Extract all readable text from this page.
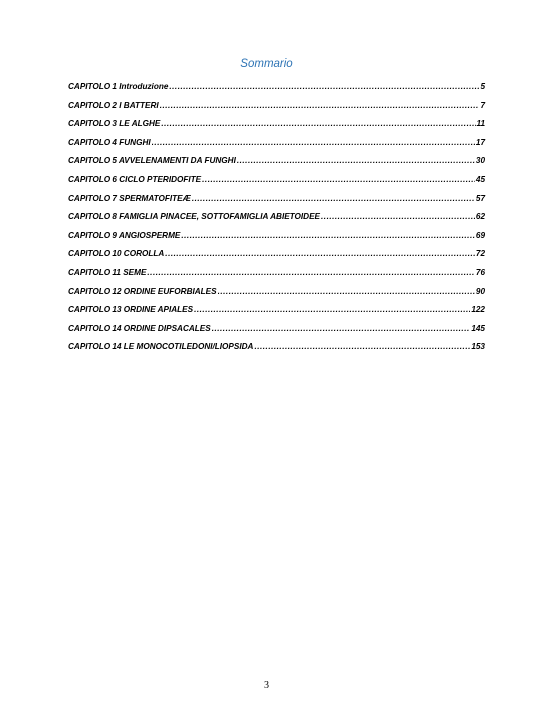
Sommario
CAPITOLO 1 Introduzione .....	5
CAPITOLO 2 I BATTERI .....	7
CAPITOLO 3 LE ALGHE .....	11
CAPITOLO 4 FUNGHI .....	17
CAPITOLO 5 AVVELENAMENTI DA FUNGHI .....	30
CAPITOLO 6 CICLO PTERIDOFITE .....	45
CAPITOLO 7 SPERMATOFITEÆ .....	57
CAPITOLO 8 FAMIGLIA PINACEE, SOTTOFAMIGLIA ABIETOIDEE .....	62
CAPITOLO 9 ANGIOSPERME .....	69
CAPITOLO 10 COROLLA .....	72
CAPITOLO 11 SEME .....	76
CAPITOLO 12 ORDINE EUFORBIALES .....	90
CAPITOLO 13 ORDINE APIALES .....	122
CAPITOLO 14 ORDINE DIPSACALES .....	145
CAPITOLO 14 LE MONOCOTILEDONI/LIOPSIDA .....	153
3
